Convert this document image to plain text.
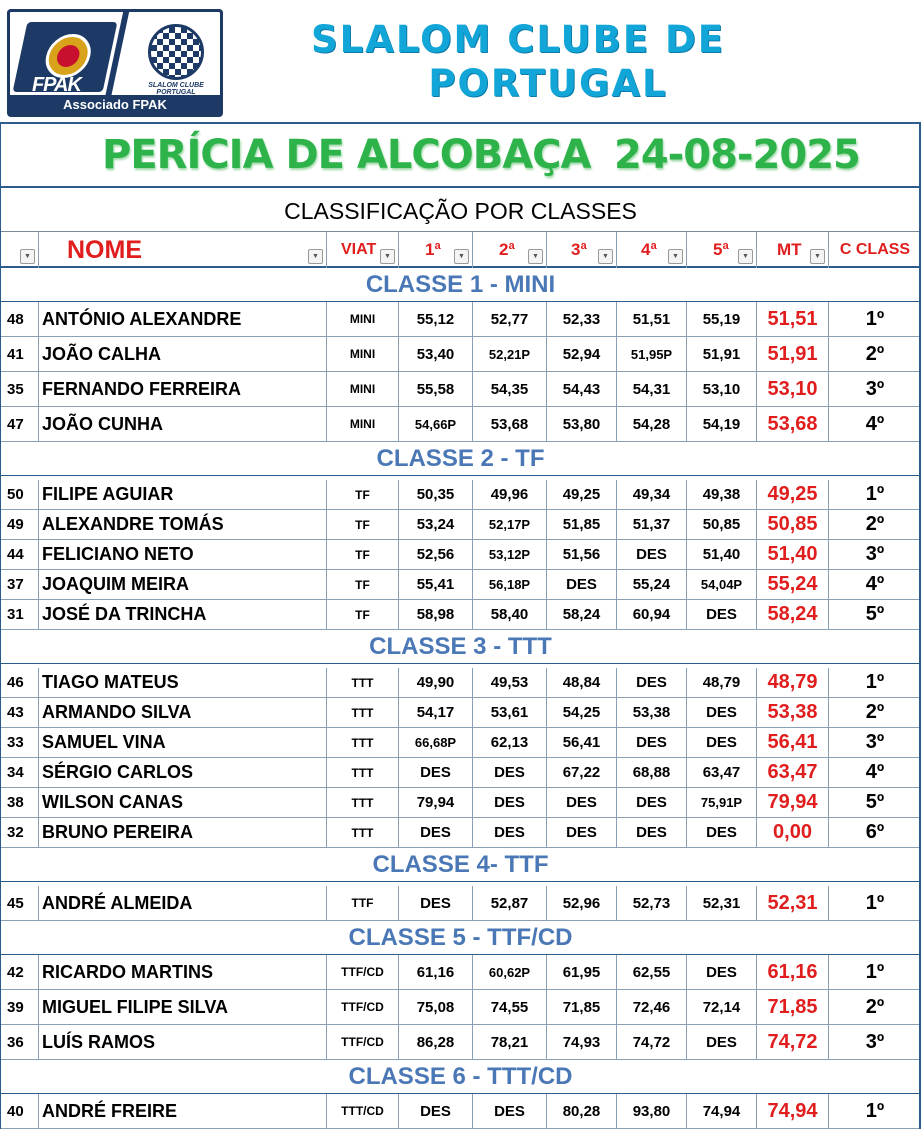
FPAK	SLALOM CLUBE PORTUGAL
Associado FPAK
SLALOM CLUBE DE
PORTUGAL
PERÍCIA DE ALCOBAÇA 24-08-2025
CLASSIFICAÇÃO POR CLASSES
▼	NOME	▼	VIAT	▼	1ª	▼	2ª	▼	3ª	▼	4ª	▼	5ª	▼	MT	▼	C CLASS
CLASSE 1 - MINI
48	ANTÓNIO ALEXANDRE	MINI	55,12	52,77	52,33	51,51	55,19	51,51	1º
41	JOÃO CALHA	MINI	53,40	52,21P	52,94	51,95P	51,91	51,91	2º
35	FERNANDO FERREIRA	MINI	55,58	54,35	54,43	54,31	53,10	53,10	3º
47	JOÃO CUNHA	MINI	54,66P	53,68	53,80	54,28	54,19	53,68	4º
CLASSE 2 - TF
50	FILIPE AGUIAR	TF	50,35	49,96	49,25	49,34	49,38	49,25	1º
49	ALEXANDRE TOMÁS	TF	53,24	52,17P	51,85	51,37	50,85	50,85	2º
44	FELICIANO NETO	TF	52,56	53,12P	51,56	DES	51,40	51,40	3º
37	JOAQUIM MEIRA	TF	55,41	56,18P	DES	55,24	54,04P	55,24	4º
31	JOSÉ DA TRINCHA	TF	58,98	58,40	58,24	60,94	DES	58,24	5º
CLASSE 3 - TTT
46	TIAGO MATEUS	TTT	49,90	49,53	48,84	DES	48,79	48,79	1º
43	ARMANDO SILVA	TTT	54,17	53,61	54,25	53,38	DES	53,38	2º
33	SAMUEL VINA	TTT	66,68P	62,13	56,41	DES	DES	56,41	3º
34	SÉRGIO CARLOS	TTT	DES	DES	67,22	68,88	63,47	63,47	4º
38	WILSON CANAS	TTT	79,94	DES	DES	DES	75,91P	79,94	5º
32	BRUNO PEREIRA	TTT	DES	DES	DES	DES	DES	0,00	6º
CLASSE 4- TTF
45	ANDRÉ ALMEIDA	TTF	DES	52,87	52,96	52,73	52,31	52,31	1º
CLASSE 5 - TTF/CD
42	RICARDO MARTINS	TTF/CD	61,16	60,62P	61,95	62,55	DES	61,16	1º
39	MIGUEL FILIPE SILVA	TTF/CD	75,08	74,55	71,85	72,46	72,14	71,85	2º
36	LUÍS RAMOS	TTF/CD	86,28	78,21	74,93	74,72	DES	74,72	3º
CLASSE 6 - TTT/CD
40	ANDRÉ FREIRE	TTT/CD	DES	DES	80,28	93,80	74,94	74,94	1º
